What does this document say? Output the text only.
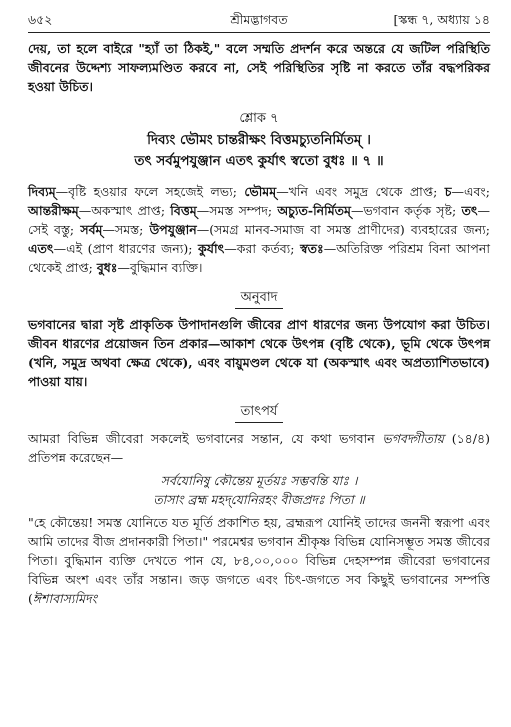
৬৫২	শ্রীমদ্ভাগবত	[স্কন্ধ ৭, অধ্যায় ১৪

দেয়, তা হলে বাইরে "হ্যাঁ তা ঠিকই," বলে সম্মতি প্রদর্শন করে অন্তরে যে জটিল পরিস্থিতি জীবনের উদ্দেশ্য সাফল্যমণ্ডিত করবে না, সেই পরিস্থিতির সৃষ্টি না করতে তাঁর বদ্ধপরিকর হওয়া উচিত।

শ্লোক ৭

দিব্যং ভৌমং চান্তরীক্ষং বিত্তমচ্যুতনির্মিতম্ ।

তৎ সর্বমুপযুঞ্জান এতৎ কুর্যাৎ স্বতো বুধঃ ॥ ৭ ॥

দিব্যম্—বৃষ্টি হওয়ার ফলে সহজেই লভ্য; ভৌমম্—খনি এবং সমুদ্র থেকে প্রাপ্ত; চ—এবং; আন্তরীক্ষম্—অকস্মাৎ প্রাপ্ত; বিত্তম্—সমস্ত সম্পদ; অচ্যুত-নির্মিতম্—ভগবান কর্তৃক সৃষ্ট; তৎ—সেই বস্তু; সর্বম্—সমস্ত; উপযুঞ্জান—(সমগ্র মানব-সমাজ বা সমস্ত প্রাণীদের) ব্যবহারের জন্য; এতৎ—এই (প্রাণ ধারণের জন্য); কুর্যাৎ—করা কর্তব্য; স্বতঃ—অতিরিক্ত পরিশ্রম বিনা আপনা থেকেই প্রাপ্ত; বুধঃ—বুদ্ধিমান ব্যক্তি।

অনুবাদ

ভগবানের দ্বারা সৃষ্ট প্রাকৃতিক উপাদানগুলি জীবের প্রাণ ধারণের জন্য উপযোগ করা উচিত। জীবন ধারণের প্রয়োজন তিন প্রকার—আকাশ থেকে উৎপন্ন (বৃষ্টি থেকে), ভূমি থেকে উৎপন্ন (খনি, সমুদ্র অথবা ক্ষেত্র থেকে), এবং বায়ুমণ্ডল থেকে যা (অকস্মাৎ এবং অপ্রত্যাশিতভাবে) পাওয়া যায়।

তাৎপর্য

আমরা বিভিন্ন জীবেরা সকলেই ভগবানের সন্তান, যে কথা ভগবান ভগবদ্গীতায় (১৪/৪) প্রতিপন্ন করেছেন—

সর্বযোনিষু কৌন্তেয় মূর্তয়ঃ সম্ভবন্তি যাঃ ।

তাসাং ব্রহ্ম মহদ্‌যোনিরহং বীজপ্রদঃ পিতা ॥

"হে কৌন্তেয়! সমস্ত যোনিতে যত মূর্তি প্রকাশিত হয়, ব্রহ্মরূপ যোনিই তাদের জননী স্বরূপা এবং আমি তাদের বীজ প্রদানকারী পিতা।" পরমেশ্বর ভগবান শ্রীকৃষ্ণ বিভিন্ন যোনিসম্ভূত সমস্ত জীবের পিতা। বুদ্ধিমান ব্যক্তি দেখতে পান যে, ৮৪,০০,০০০ বিভিন্ন দেহসম্পন্ন জীবেরা ভগবানের বিভিন্ন অংশ এবং তাঁর সন্তান। জড় জগতে এবং চিৎ-জগতে সব কিছুই ভগবানের সম্পত্তি (ঈশাবাস্যমিদং
